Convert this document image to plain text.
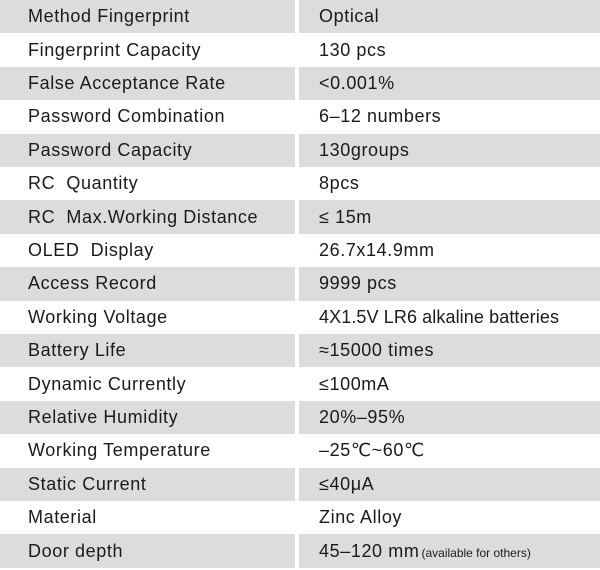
Method Fingerprint	Optical
Fingerprint Capacity	130 pcs
False Acceptance Rate	<0.001%
Password Combination	6–12 numbers
Password Capacity	130groups
RC  Quantity	8pcs
RC  Max.Working Distance	≤ 15m
OLED  Display	26.7x14.9mm
Access Record	9999 pcs
Working Voltage	4X1.5V LR6 alkaline batteries
Battery Life	≈15000 times
Dynamic Currently	≤100mA
Relative Humidity	20%–95%
Working Temperature	–25℃~60℃
Static Current	≤40μA
Material	Zinc Alloy
Door depth	45–120 mm (available for others)
